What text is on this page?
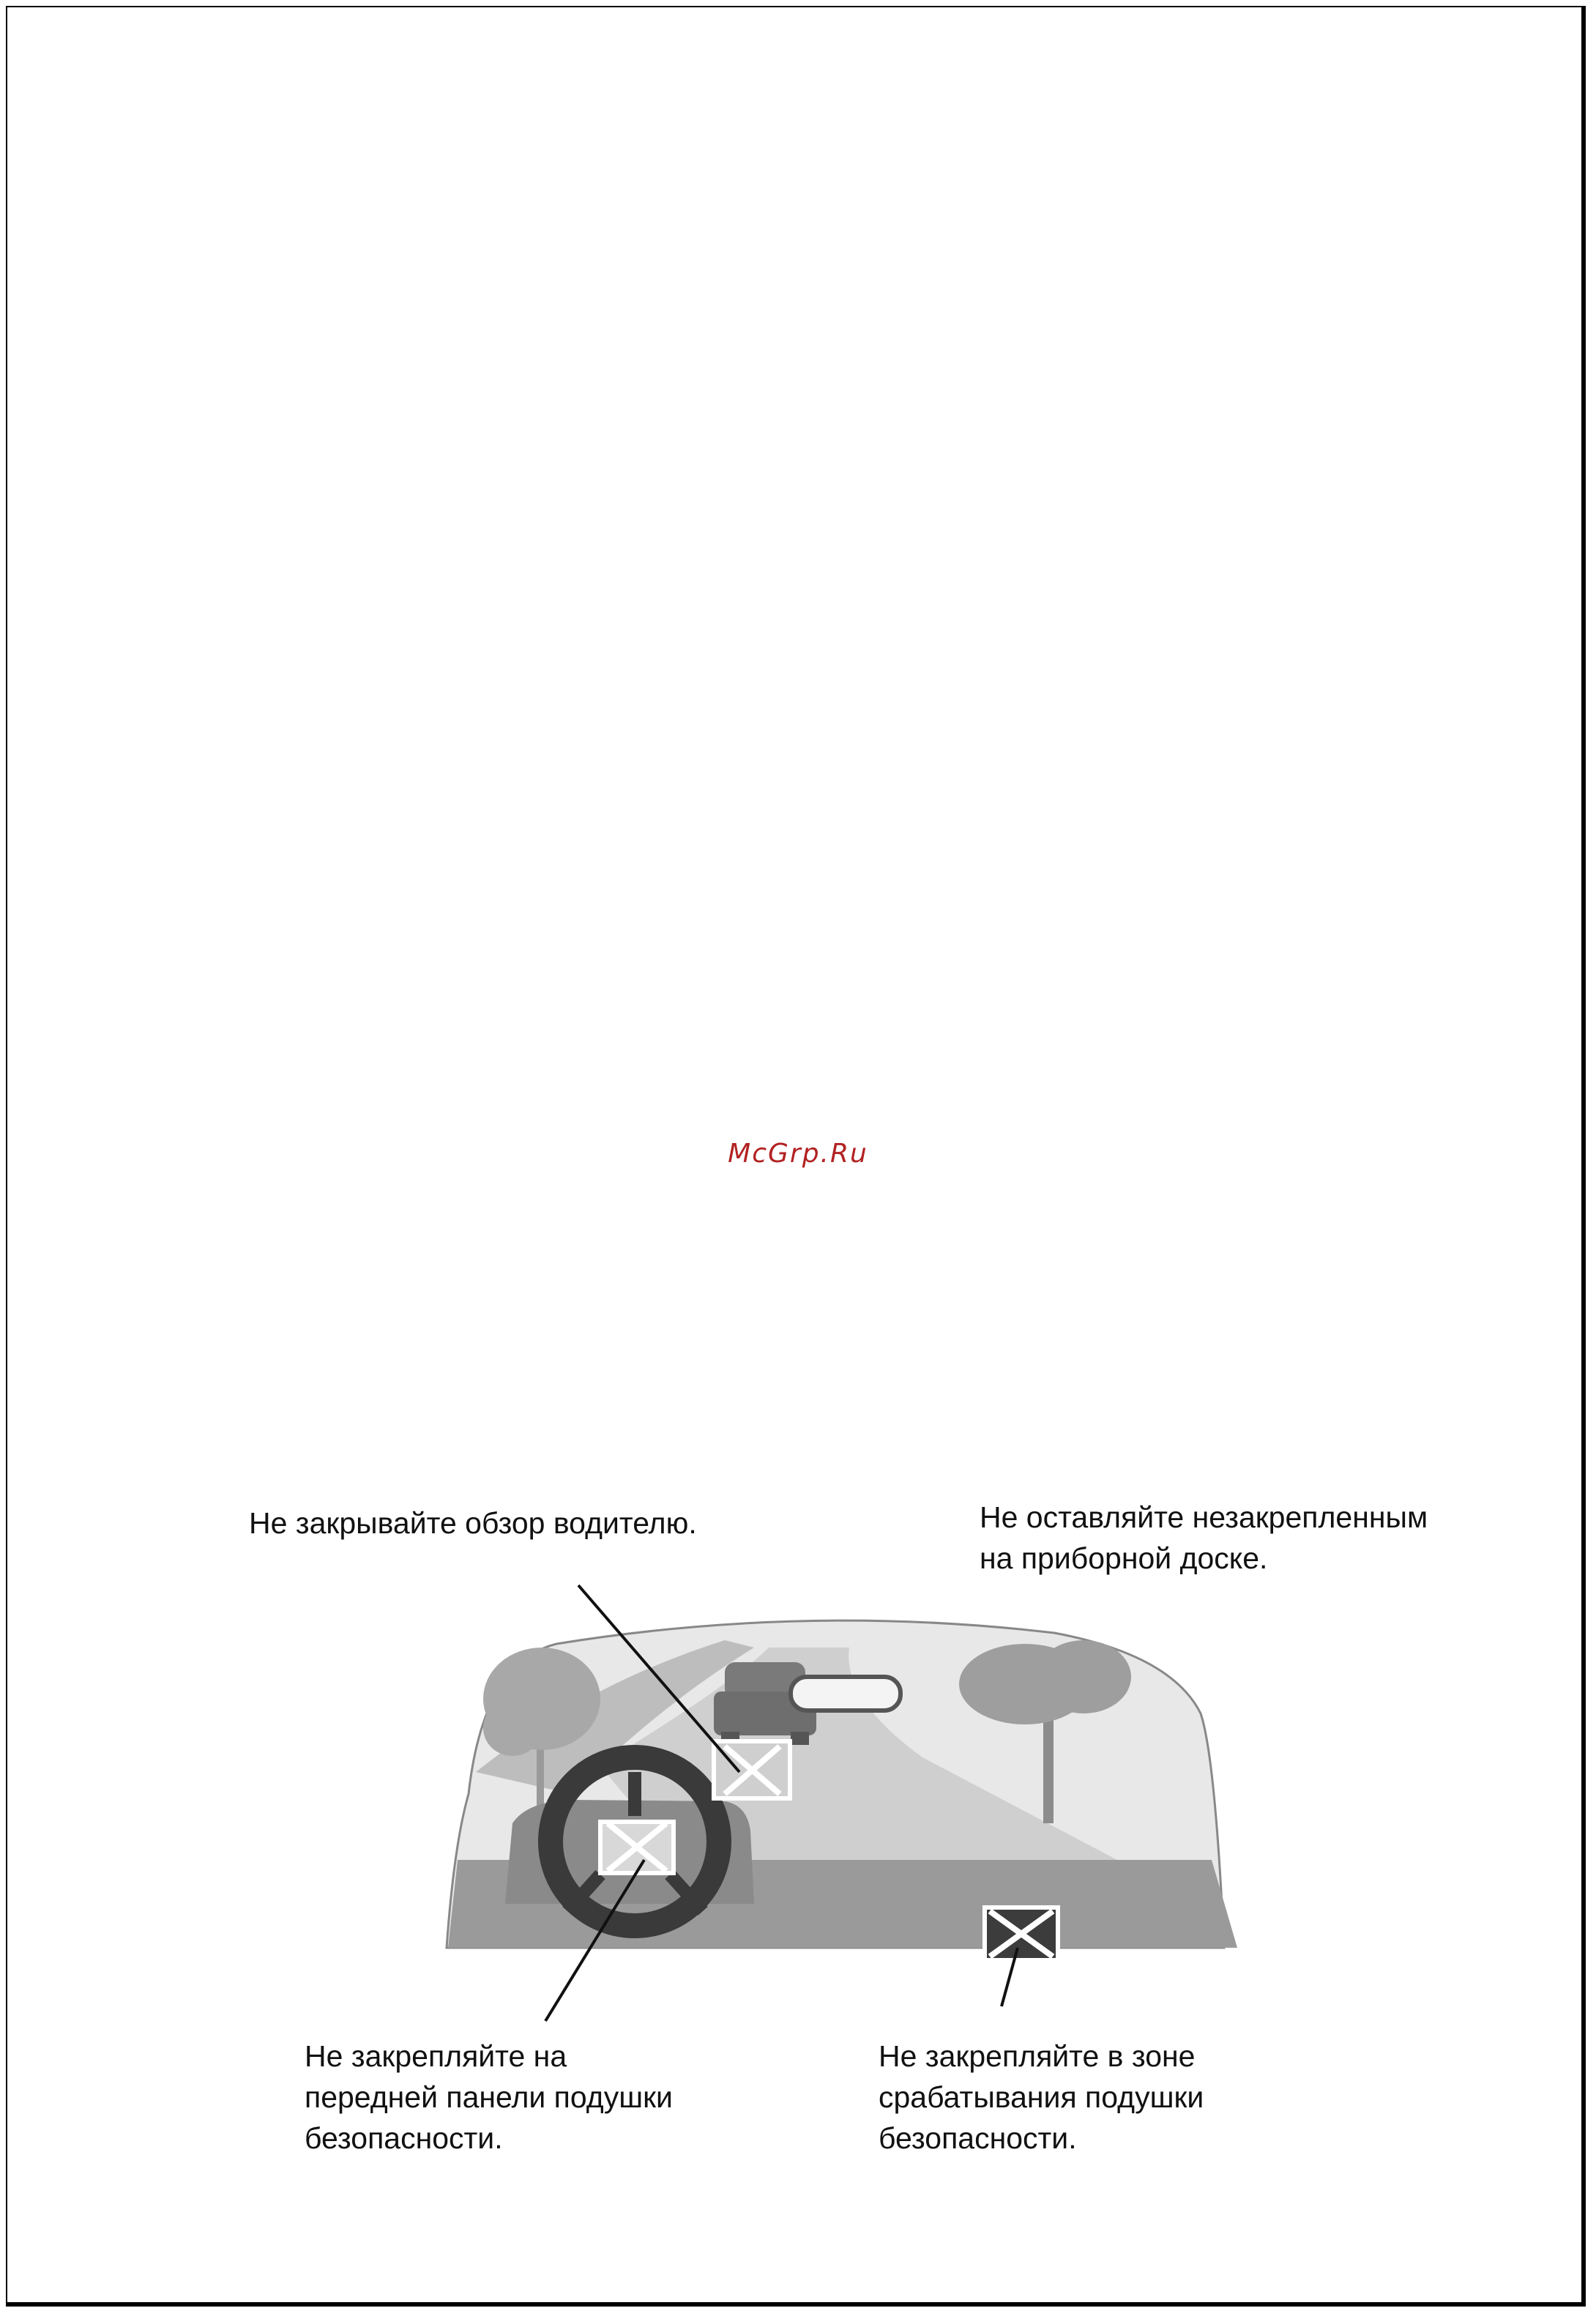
McGrp.Ru
Не закрывайте обзор водителю.	Не оставляйте незакрепленным
на приборной доске.
Не закрепляйте на
передней панели подушки
безопасности.
Не закрепляйте в зоне
срабатывания подушки
безопасности.
